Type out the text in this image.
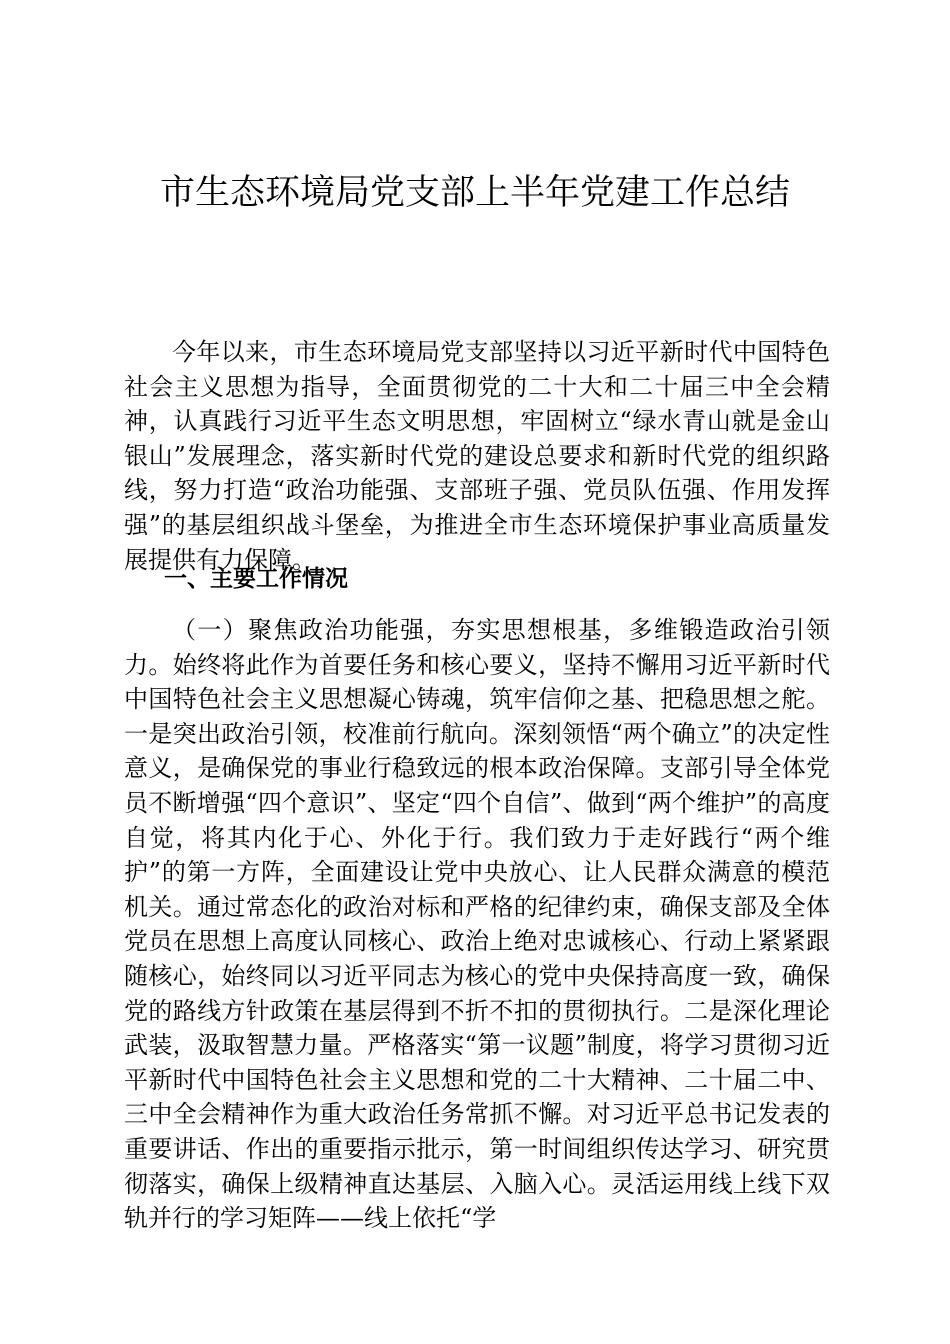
市生态环境局党支部上半年党建工作总结

今年以来，市生态环境局党支部坚持以习近平新时代中国特色社会主义思想为指导，全面贯彻党的二十大和二十届三中全会精神，认真践行习近平生态文明思想，牢固树立“绿水青山就是金山银山”发展理念，落实新时代党的建设总要求和新时代党的组织路线，努力打造“政治功能强、支部班子强、党员队伍强、作用发挥强”的基层组织战斗堡垒，为推进全市生态环境保护事业高质量发展提供有力保障。

一、主要工作情况

（一）聚焦政治功能强，夯实思想根基，多维锻造政治引领力。始终将此作为首要任务和核心要义，坚持不懈用习近平新时代中国特色社会主义思想凝心铸魂，筑牢信仰之基、把稳思想之舵。一是突出政治引领，校准前行航向。深刻领悟“两个确立”的决定性意义，是确保党的事业行稳致远的根本政治保障。支部引导全体党员不断增强“四个意识”、坚定“四个自信”、做到“两个维护”的高度自觉，将其内化于心、外化于行。我们致力于走好践行“两个维护”的第一方阵，全面建设让党中央放心、让人民群众满意的模范机关。通过常态化的政治对标和严格的纪律约束，确保支部及全体党员在思想上高度认同核心、政治上绝对忠诚核心、行动上紧紧跟随核心，始终同以习近平同志为核心的党中央保持高度一致，确保党的路线方针政策在基层得到不折不扣的贯彻执行。二是深化理论武装，汲取智慧力量。严格落实“第一议题”制度，将学习贯彻习近平新时代中国特色社会主义思想和党的二十大精神、二十届二中、三中全会精神作为重大政治任务常抓不懈。对习近平总书记发表的重要讲话、作出的重要指示批示，第一时间组织传达学习、研究贯彻落实，确保上级精神直达基层、入脑入心。灵活运用线上线下双轨并行的学习矩阵——线上依托“学
